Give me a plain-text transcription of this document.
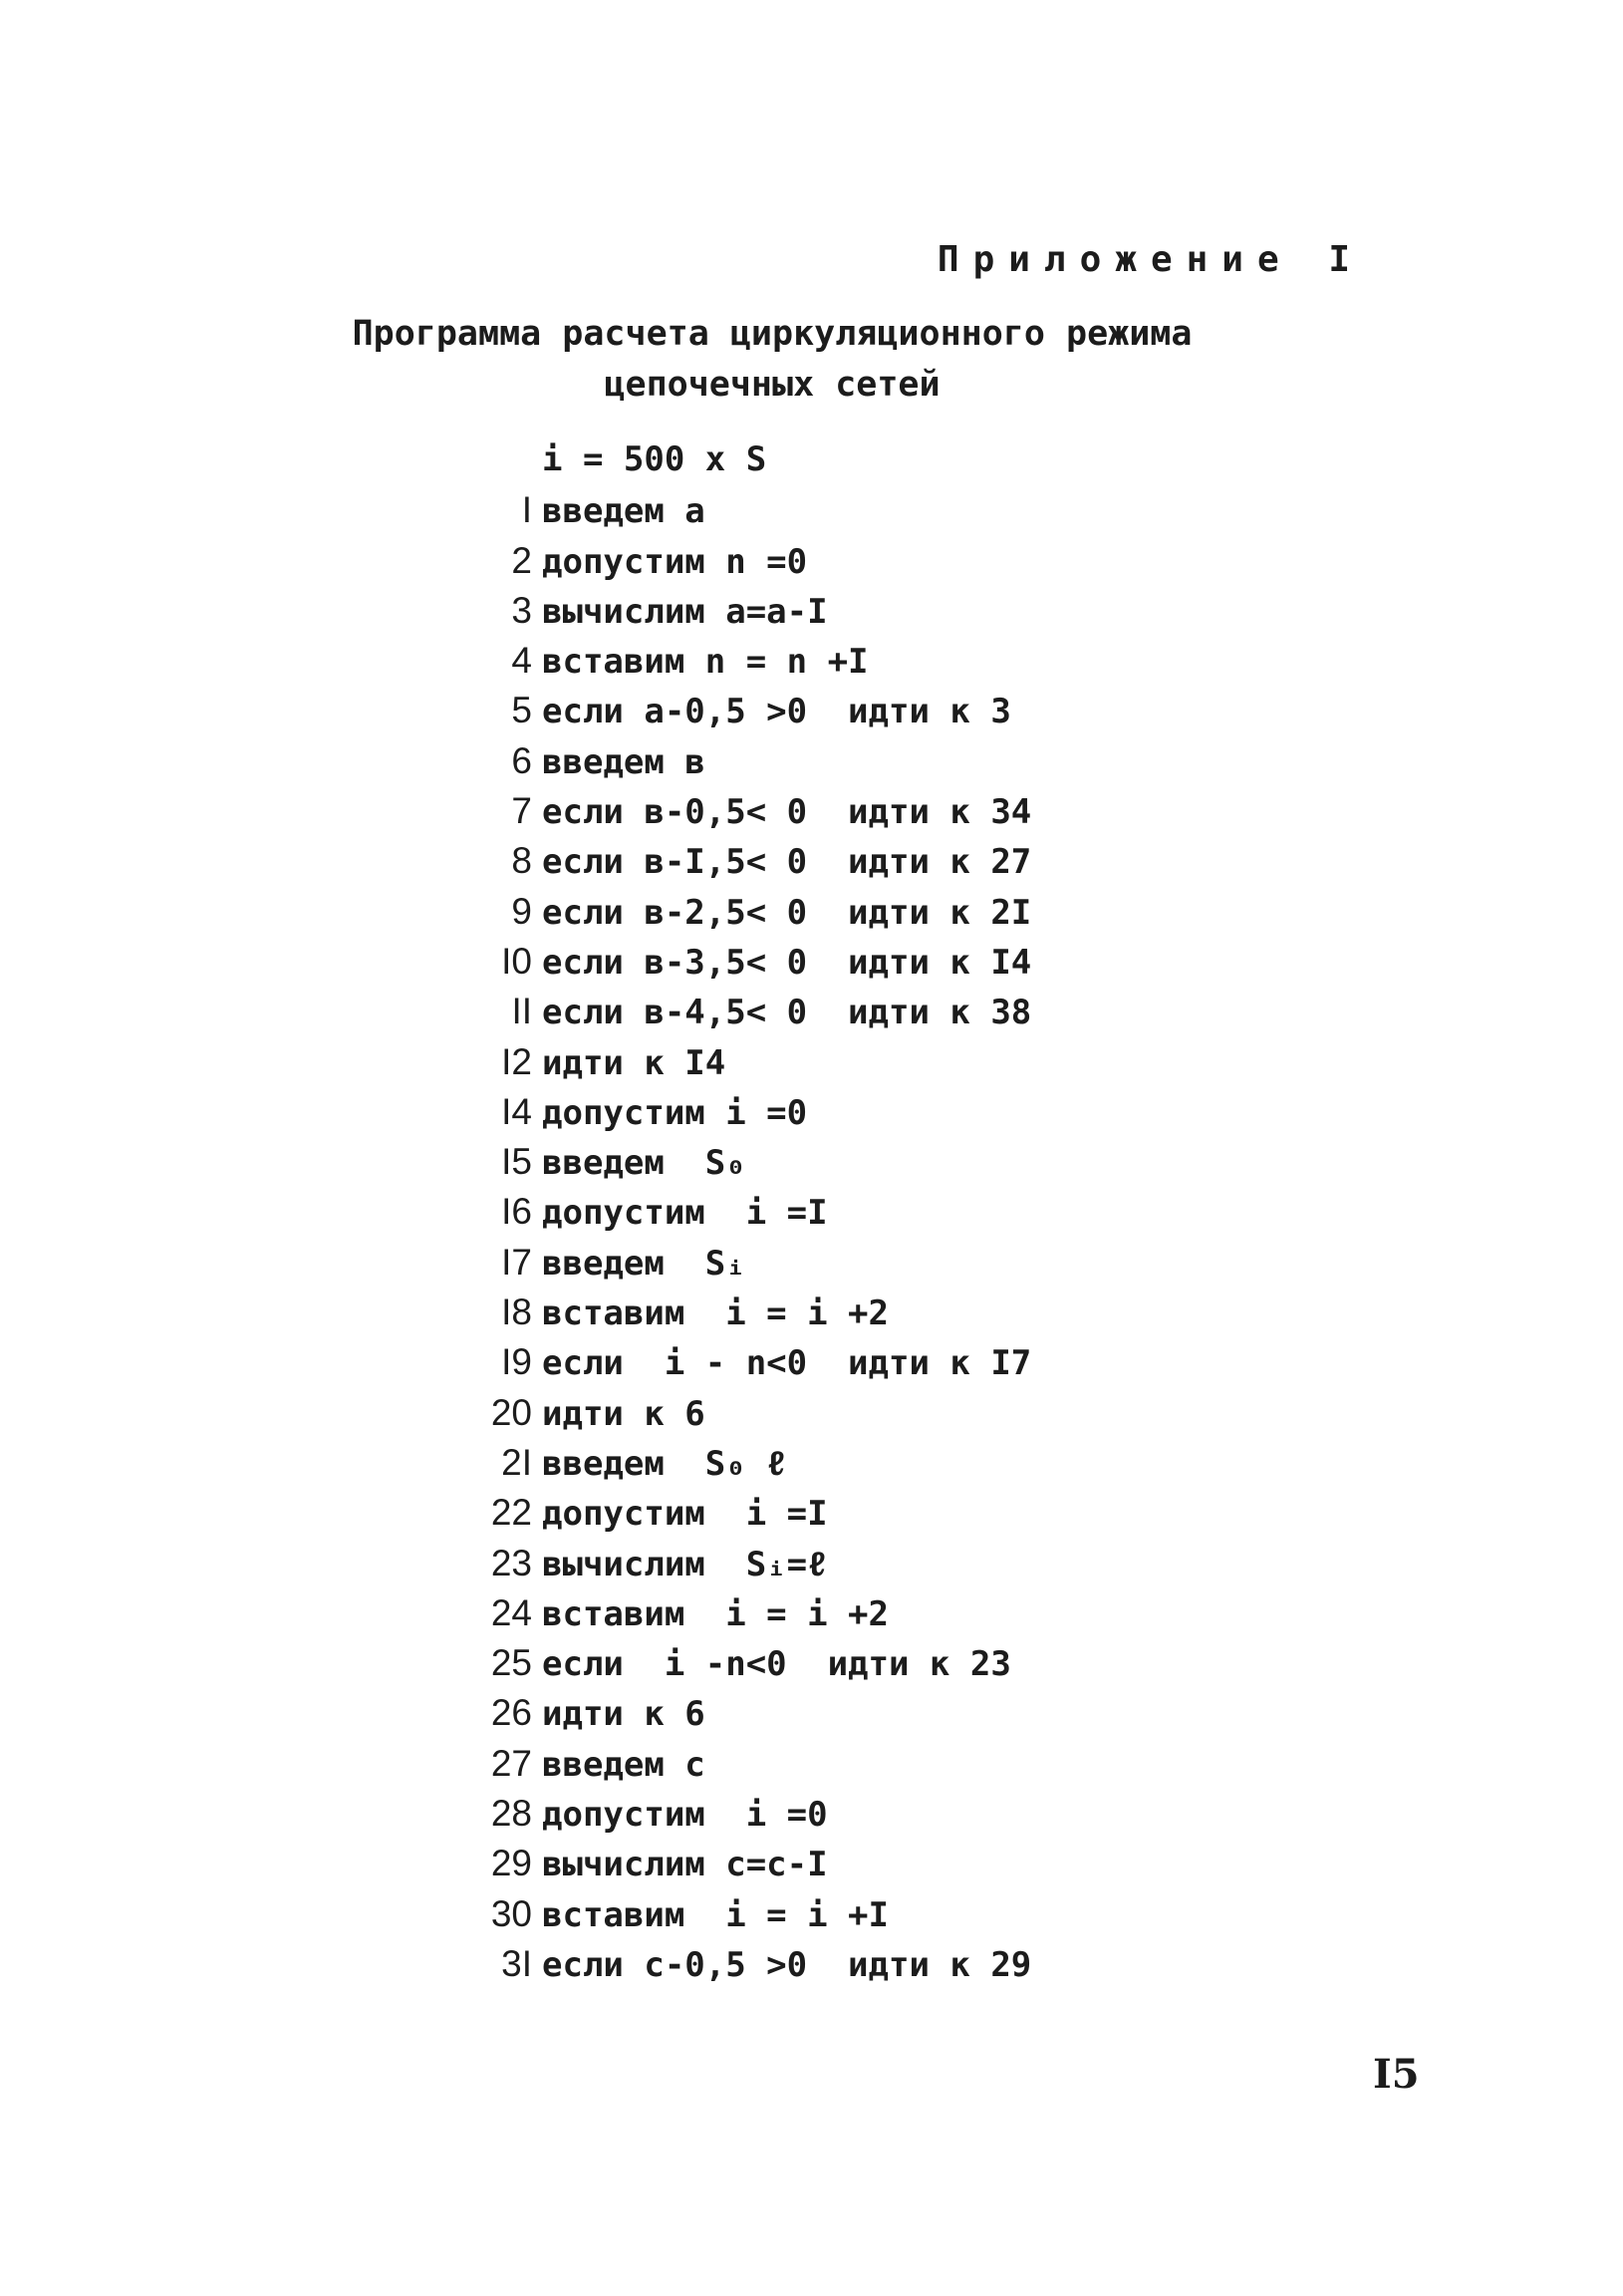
Приложение I
Программа расчета циркуляционного режима
цепочечных сетей
i = 500 x S
I введем a
2 допустим n =0
3 вычислим a=a-I
4 вставим n = n +I
5 если a-0,5 >0  идти к 3
6 введем в
7 если в-0,5< 0  идти к 34
8 если в-I,5< 0  идти к 27
9 если в-2,5< 0  идти к 2I
I0 если в-3,5< 0  идти к I4
II если в-4,5< 0  идти к 38
I2 идти к I4
I4 допустим i =0
I5 введем  S₀
I6 допустим  i =I
I7 введем  Sᵢ
I8 вставим  i = i +2
I9 если  i - n<0  идти к I7
20 идти к 6
2I введем  S₀ ℓ
22 допустим  i =I
23 вычислим  Sᵢ=ℓ
24 вставим  i = i +2
25 если  i -n<0  идти к 23
26 идти к 6
27 введем c
28 допустим  i =0
29 вычислим c=c-I
30 вставим  i = i +I
3I если c-0,5 >0  идти к 29
I5
